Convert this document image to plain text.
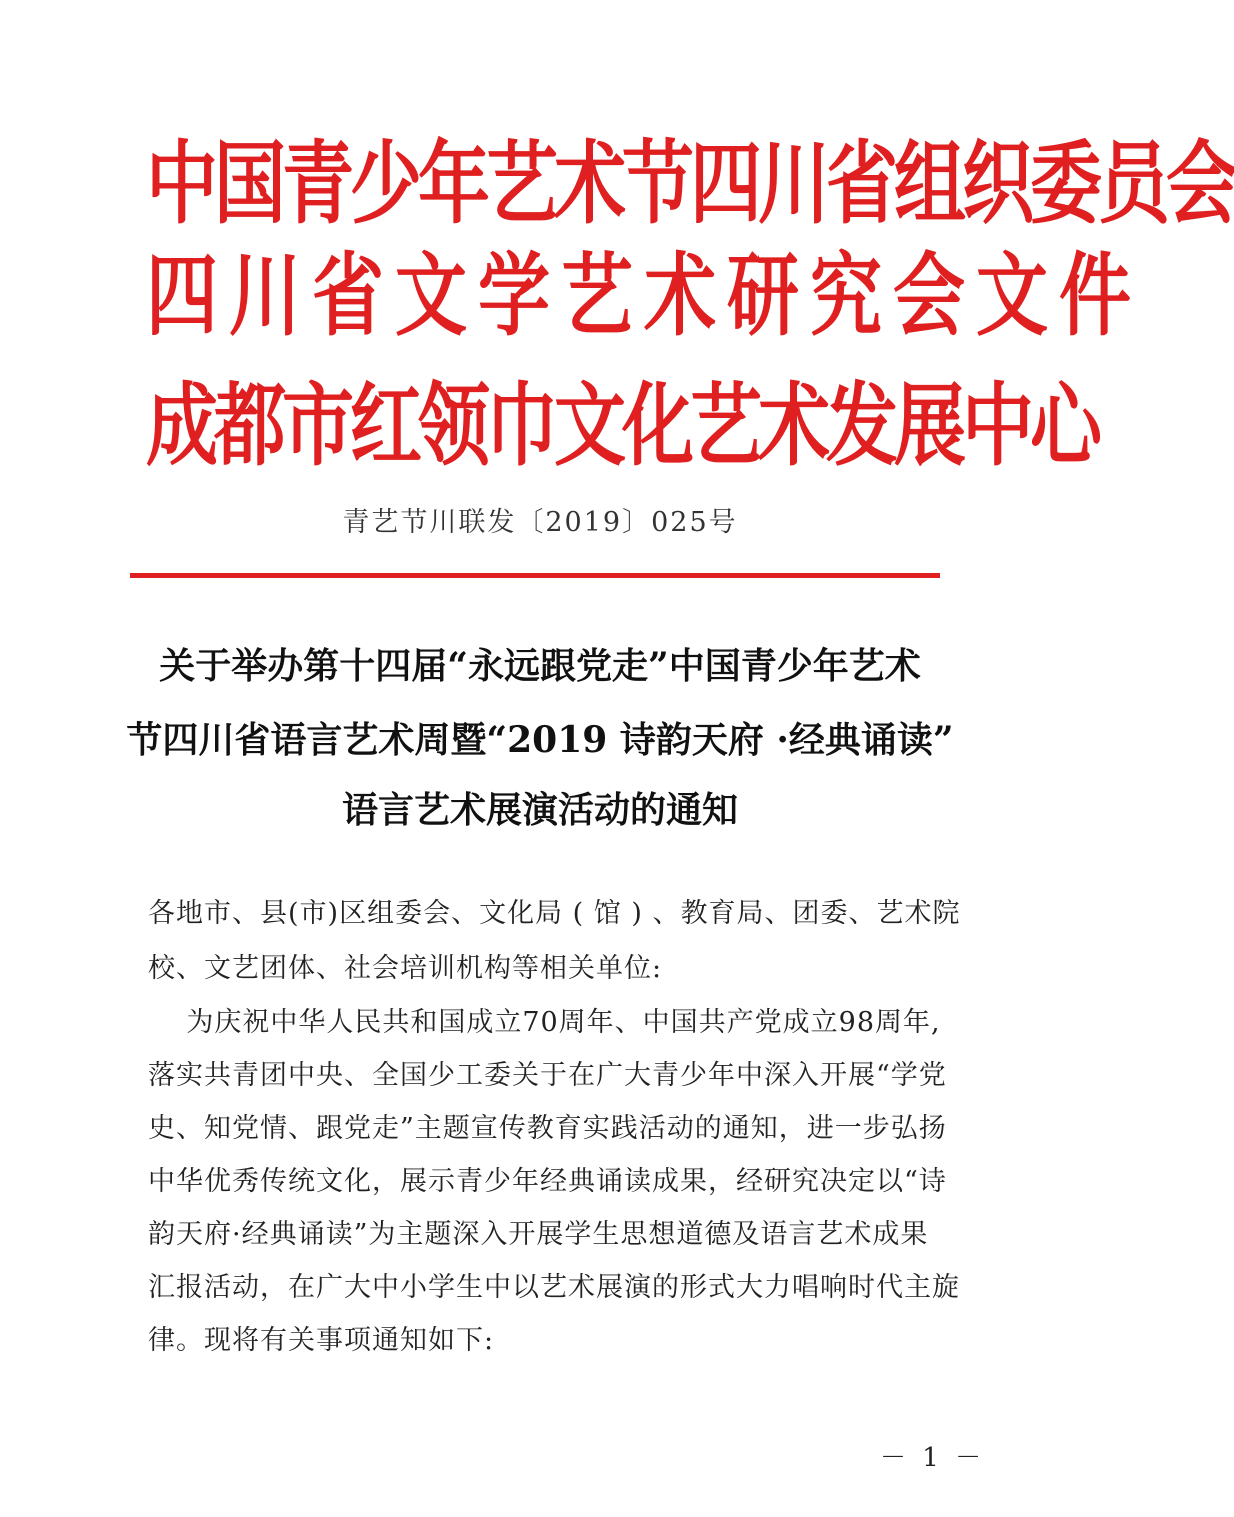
中国青少年艺术节四川省组织委员会
四川省文学艺术研究会文件
成都市红领巾文化艺术发展中心

青艺节川联发〔2019〕025号

关于举办第十四届“永远跟党走”中国青少年艺术
节四川省语言艺术周暨“2019 诗韵天府 ·经典诵读”
语言艺术展演活动的通知

各地市、县(市)区组委会、文化局 ( 馆 ) 、教育局、团委、艺术院

校、文艺团体、社会培训机构等相关单位:

为庆祝中华人民共和国成立70周年、中国共产党成立98周年,

落实共青团中央、全国少工委关于在广大青少年中深入开展“学党

史、知党情、跟党走”主题宣传教育实践活动的通知，进一步弘扬

中华优秀传统文化，展示青少年经典诵读成果，经研究决定以“诗

韵天府·经典诵读”为主题深入开展学生思想道德及语言艺术成果

汇报活动，在广大中小学生中以艺术展演的形式大力唱响时代主旋

律。现将有关事项通知如下:

－ 1 －
